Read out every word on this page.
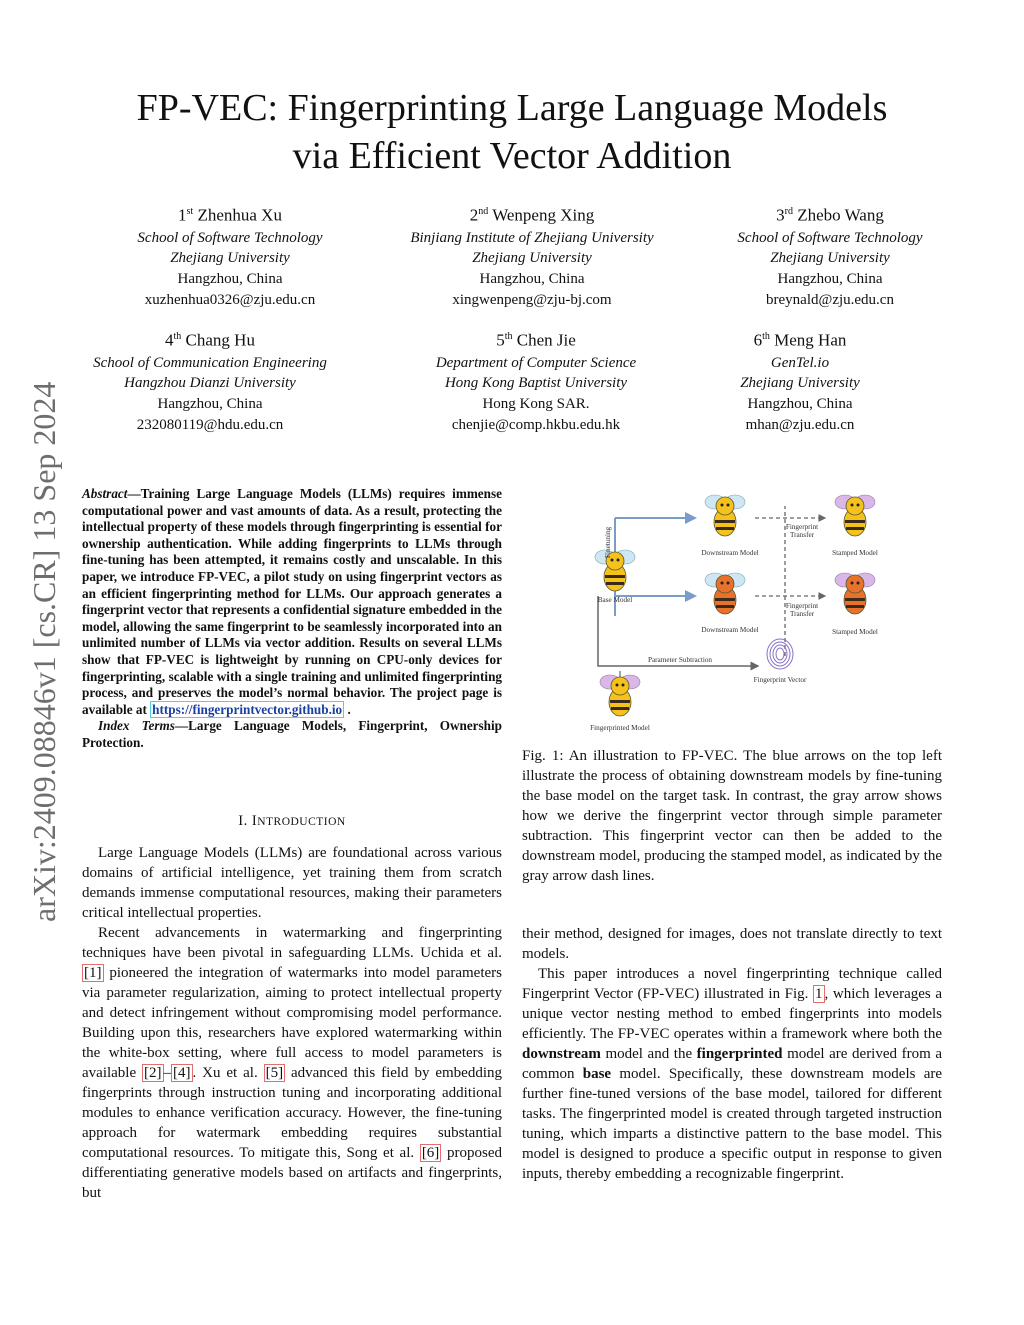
arXiv:2409.08846v1 [cs.CR] 13 Sep 2024
FP-VEC: Fingerprinting Large Language Models
via Efficient Vector Addition
1st Zhenhua Xu
School of Software Technology
Zhejiang University
Hangzhou, China
xuzhenhua0326@zju.edu.cn
2nd Wenpeng Xing
Binjiang Institute of Zhejiang University
Zhejiang University
Hangzhou, China
xingwenpeng@zju-bj.com
3rd Zhebo Wang
School of Software Technology
Zhejiang University
Hangzhou, China
breynald@zju.edu.cn
4th Chang Hu
School of Communication Engineering
Hangzhou Dianzi University
Hangzhou, China
232080119@hdu.edu.cn
5th Chen Jie
Department of Computer Science
Hong Kong Baptist University
Hong Kong SAR.
chenjie@comp.hkbu.edu.hk
6th Meng Han
GenTel.io
Zhejiang University
Hangzhou, China
mhan@zju.edu.cn

Abstract—Training Large Language Models (LLMs) requires immense computational power and vast amounts of data. As a result, protecting the intellectual property of these models through fingerprinting is essential for ownership authentication. While adding fingerprints to LLMs through fine-tuning has been attempted, it remains costly and unscalable. In this paper, we introduce FP-VEC, a pilot study on using fingerprint vectors as an efficient fingerprinting method for LLMs. Our approach generates a fingerprint vector that represents a confidential signature embedded in the model, allowing the same fingerprint to be seamlessly incorporated into an unlimited number of LLMs via vector addition. Results on several LLMs show that FP-VEC is lightweight by running on CPU-only devices for fingerprinting, scalable with a single training and unlimited fingerprinting process, and preserves the model’s normal behavior. The project page is available at https://fingerprintvector.github.io .

Index Terms—Large Language Models, Fingerprint, Ownership Protection.

I. INTRODUCTION

Large Language Models (LLMs) are foundational across various domains of artificial intelligence, yet training them from scratch demands immense computational resources, making their parameters critical intellectual properties.

Recent advancements in watermarking and fingerprinting techniques have been pivotal in safeguarding LLMs. Uchida et al. [1] pioneered the integration of watermarks into model parameters via parameter regularization, aiming to protect intellectual property and detect infringement without compromising model performance. Building upon this, researchers have explored watermarking within the white-box setting, where full access to model parameters is available [2] – [4] . Xu et al. [5] advanced this field by embedding fingerprints through instruction tuning and incorporating additional modules to enhance verification accuracy. However, the fine-tuning approach for watermark embedding requires substantial computational resources. To mitigate this, Song et al. [6] proposed differentiating generative models based on artifacts and fingerprints, but

Base Model
Finetuning	Downstream Model
Downstream Model
Fingerprint
Transfer
Fingerprint
Transfer
Stamped Model
Stamped Model
Parameter Subtraction
Fingerprint Vector
Fingerprinted Model
Fig. 1: An illustration to FP-VEC. The blue arrows on the top left illustrate the process of obtaining downstream models by fine-tuning the base model on the target task. In contrast, the gray arrow shows how we derive the fingerprint vector through simple parameter subtraction. This fingerprint vector can then be added to the downstream model, producing the stamped model, as indicated by the gray arrow dash lines.

their method, designed for images, does not translate directly to text models.

This paper introduces a novel fingerprinting technique called Fingerprint Vector (FP-VEC) illustrated in Fig. 1 , which leverages a unique vector nesting method to embed fingerprints into models efficiently. The FP-VEC operates within a framework where both the downstream model and the fingerprinted model are derived from a common base model. Specifically, these downstream models are further fine-tuned versions of the base model, tailored for different tasks. The fingerprinted model is created through targeted instruction tuning, which imparts a distinctive pattern to the base model. This model is designed to produce a specific output in response to given inputs, thereby embedding a recognizable fingerprint.
